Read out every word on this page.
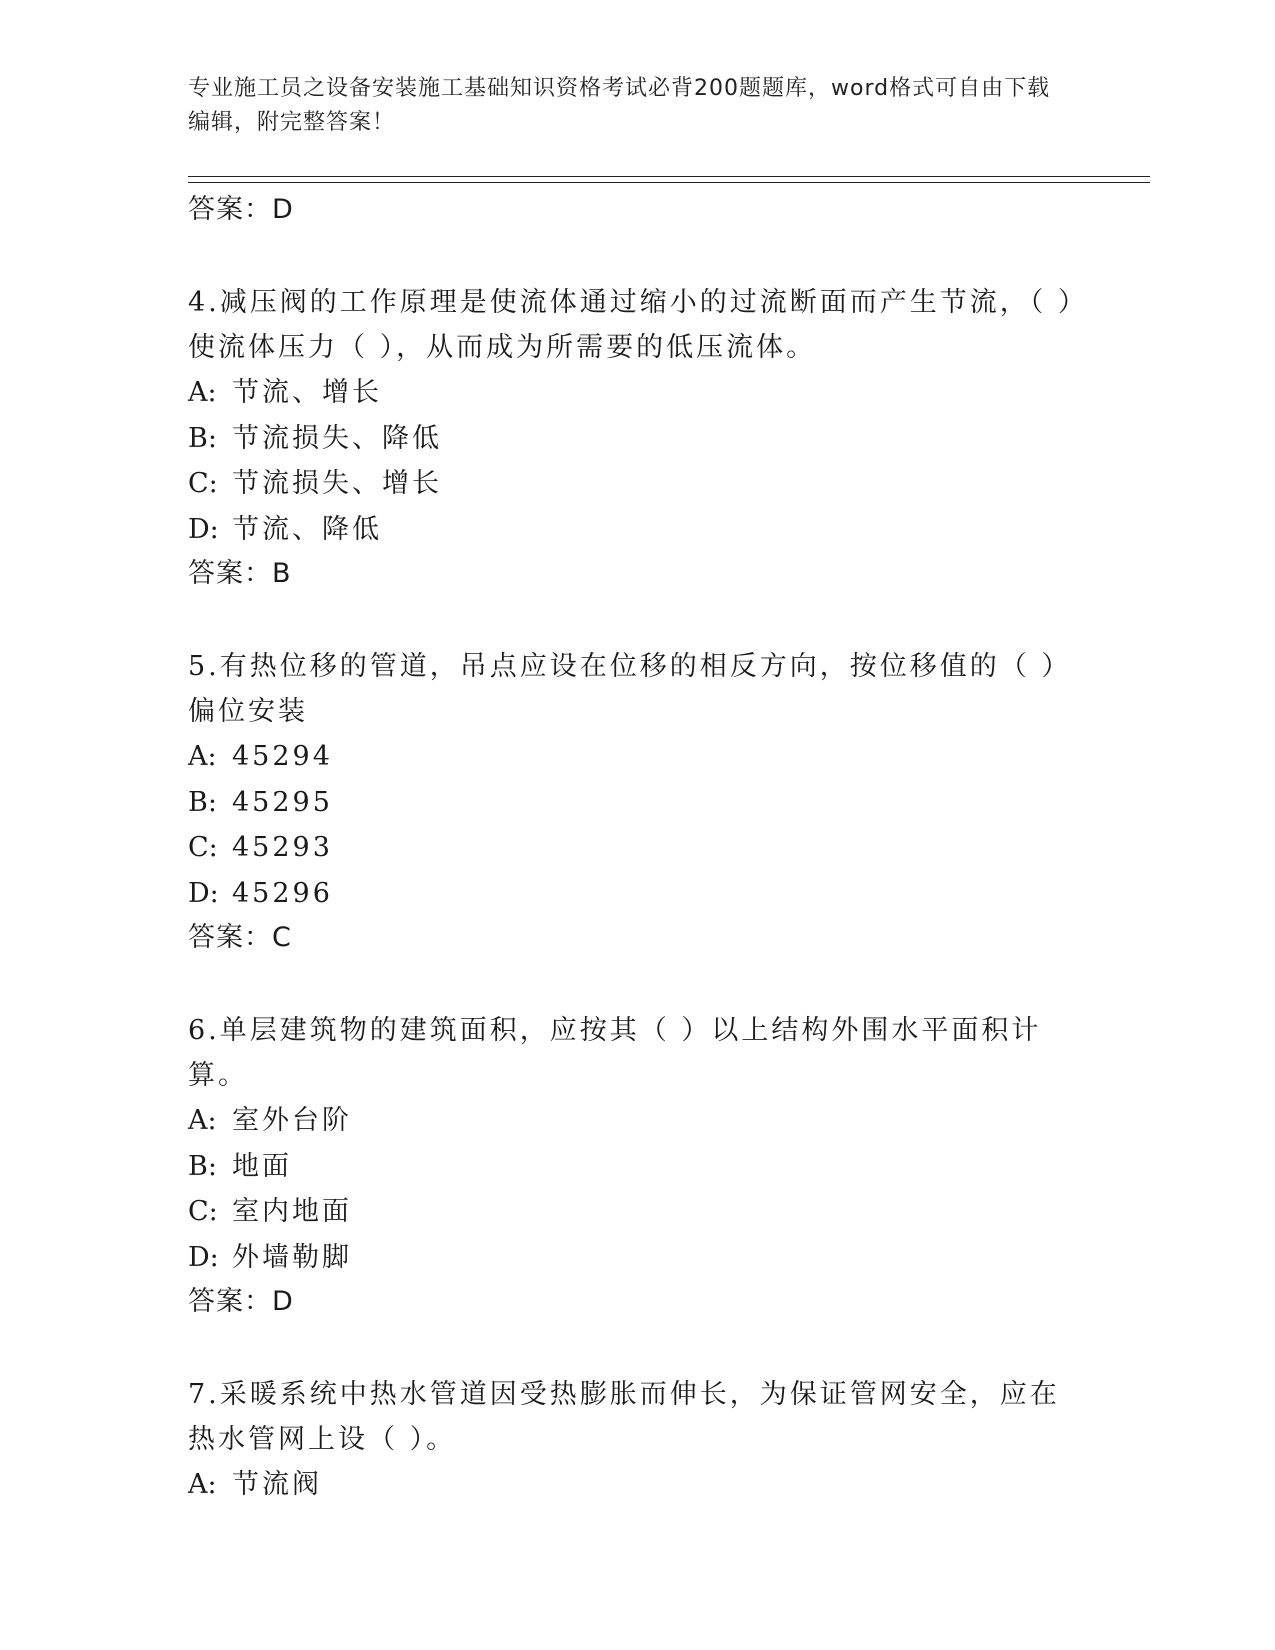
专业施工员之设备安装施工基础知识资格考试必背200题题库，word格式可自由下载编辑，附完整答案！

答案：D

4.减压阀的工作原理是使流体通过缩小的过流断面而产生节流，（ ）使流体压力（ ），从而成为所需要的低压流体。

A: 节流、增长

B: 节流损失、降低

C: 节流损失、增长

D: 节流、降低

答案：B

5.有热位移的管道，吊点应设在位移的相反方向，按位移值的（ ）偏位安装

A: 45294

B: 45295

C: 45293

D: 45296

答案：C

6.单层建筑物的建筑面积，应按其（ ）以上结构外围水平面积计算。

A: 室外台阶

B: 地面

C: 室内地面

D: 外墙勒脚

答案：D

7.采暖系统中热水管道因受热膨胀而伸长，为保证管网安全，应在热水管网上设（ ）。

A: 节流阀
